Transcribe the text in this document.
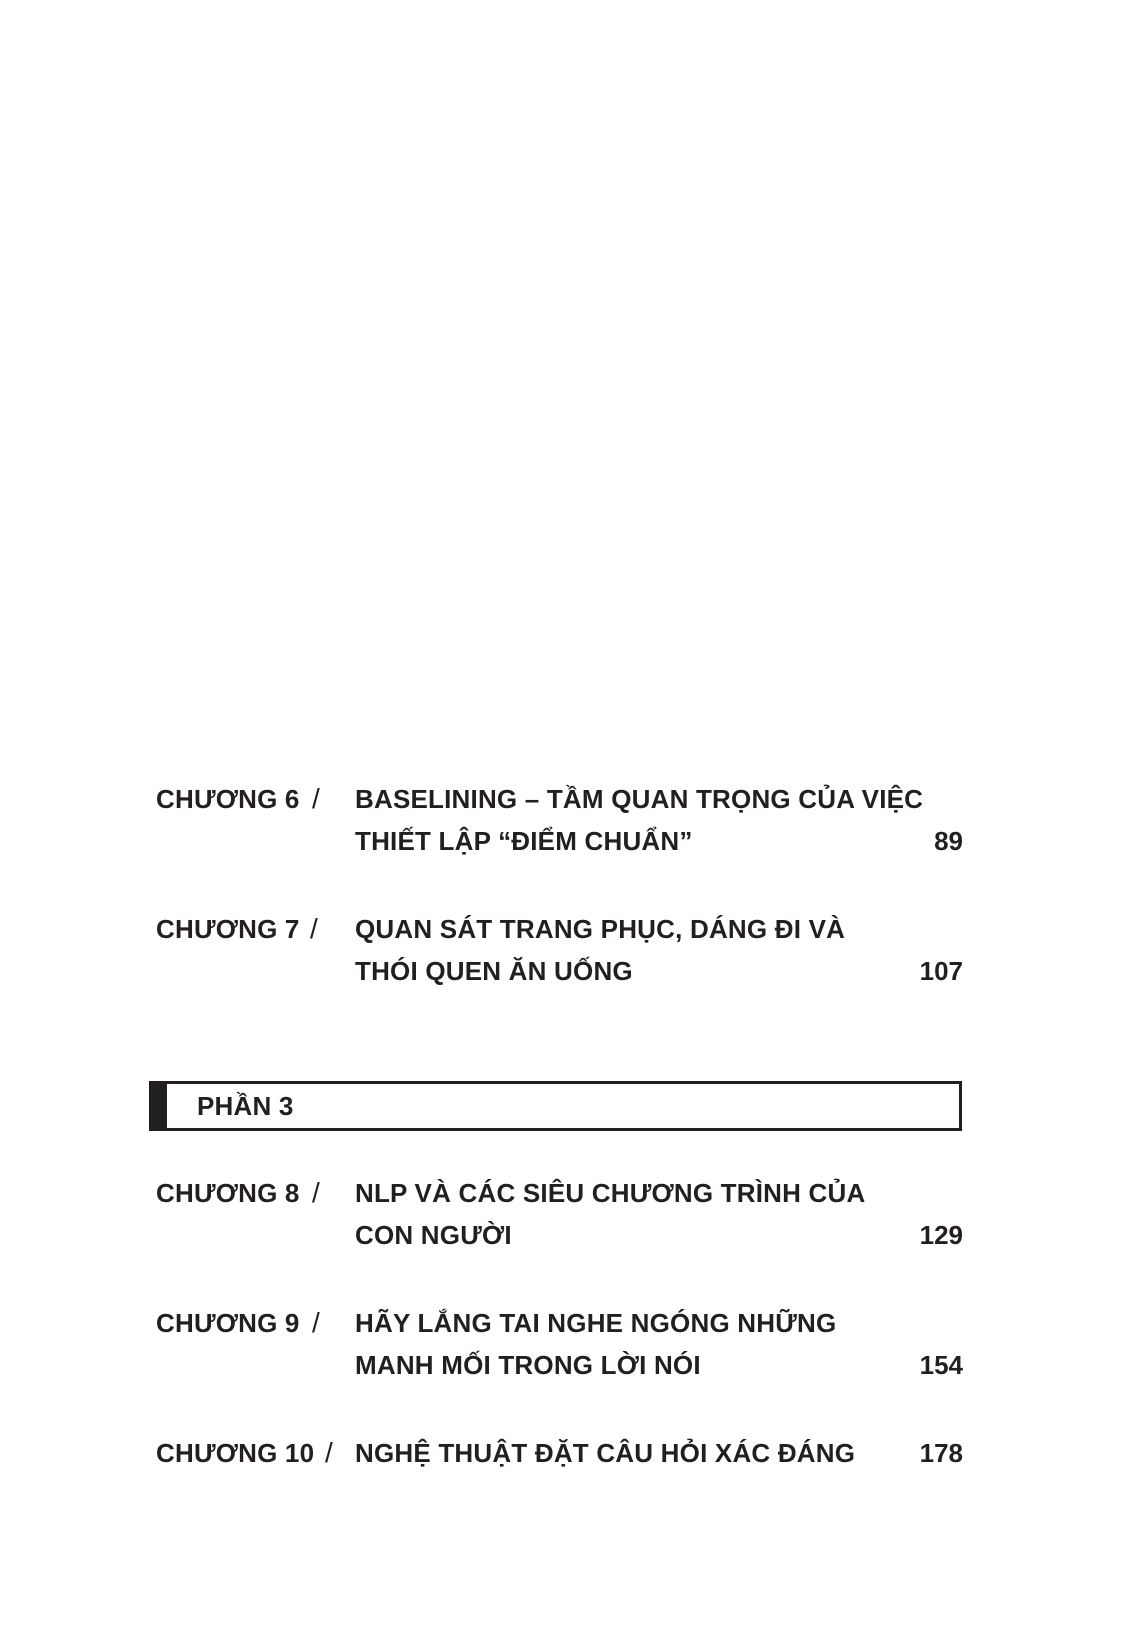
CHƯƠNG 6 / BASELINING – TẦM QUAN TRỌNG CỦA VIỆC
THIẾT LẬP “ĐIỂM CHUẨN”	89
CHƯƠNG 7 / QUAN SÁT TRANG PHỤC, DÁNG ĐI VÀ
THÓI QUEN ĂN UỐNG	107
PHẦN 3
CHƯƠNG 8 / NLP VÀ CÁC SIÊU CHƯƠNG TRÌNH CỦA
CON NGƯỜI	129
CHƯƠNG 9 / HÃY LẮNG TAI NGHE NGÓNG NHỮNG
MANH MỐI TRONG LỜI NÓI	154
CHƯƠNG 10 / NGHỆ THUẬT ĐẶT CÂU HỎI XÁC ĐÁNG	178
